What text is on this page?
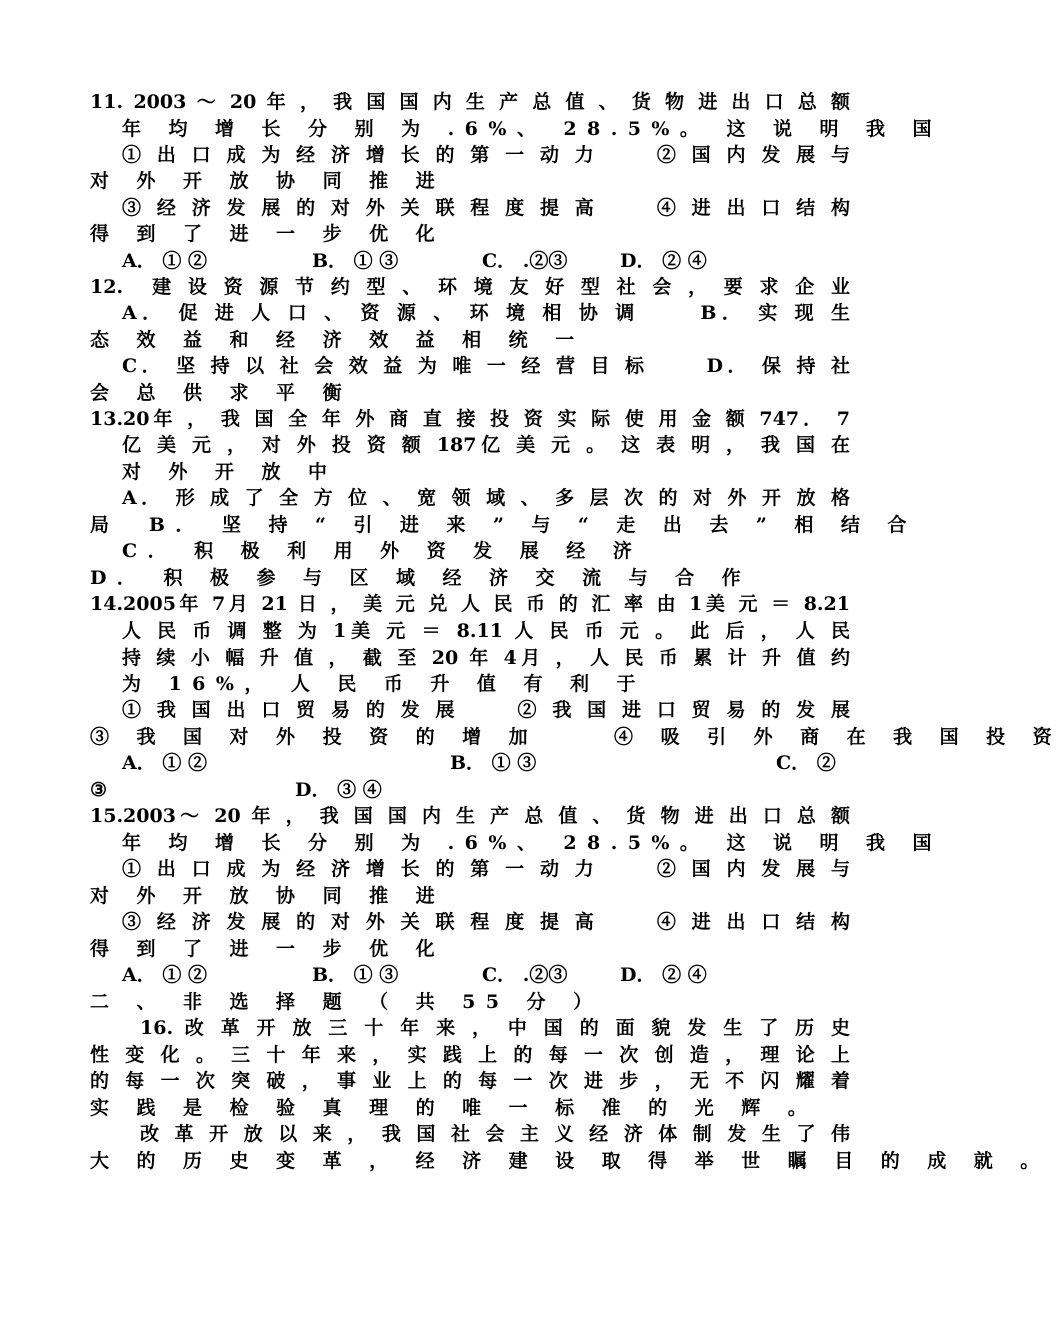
11. 2003 ～ 20 年 ， 我 国 国 内 生 产 总 值 、 货 物 进 出 口 总 额
年 均 增 长 分 别 为 .6%、 28.5%。 这 说 明 我 国
① 出 口 成 为 经 济 增 长 的 第 一 动 力　　 ② 国 内 发 展 与
对 外 开 放 协 同 推 进
③ 经 济 发 展 的 对 外 关 联 程 度 提 高　　 ④ 进 出 口 结 构
得 到 了 进 一 步 优 化
A． ① ②	B． ① ③	C． .②③	D． ② ④
12.　建 设 资 源 节 约 型 、 环 境 友 好 型 社 会 ， 要 求 企 业
A． 促 进 人 口 、 资 源 、 环 境 相 协 调　　 B． 实 现 生
态 效 益 和 经 济 效 益 相 统 一
C． 坚 持 以 社 会 效 益 为 唯 一 经 营 目 标　　 D． 保 持 社
会 总 供 求 平 衡
13.20年 ， 我 国 全 年 外 商 直 接 投 资 实 际 使 用 金 额 747． 7
亿 美 元 ， 对 外 投 资 额 187亿 美 元 。 这 表 明 ， 我 国 在
对 外 开 放 中
A． 形 成 了 全 方 位 、 宽 领 域 、 多 层 次 的 对 外 开 放 格
局　B． 坚 持 “ 引 进 来 ” 与 “ 走 出 去 ” 相 结 合
C． 积 极 利 用 外 资 发 展 经 济
D． 积 极 参 与 区 域 经 济 交 流 与 合 作
14.2005年 7月 21 日 ， 美 元 兑 人 民 币 的 汇 率 由 1美 元 ＝ 8.21
人 民 币 调 整 为 1美 元 ＝ 8.11 人 民 币 元 。 此 后 ， 人 民
持 续 小 幅 升 值 ， 截 至 20 年 4月 ， 人 民 币 累 计 升 值 约
为 16%， 人 民 币 升 值 有 利 于
① 我 国 出 口 贸 易 的 发 展　　 ② 我 国 进 口 贸 易 的 发 展
③ 我 国 对 外 投 资 的 增 加　　 ④ 吸 引 外 商 在 我 国 投 资
A． ① ②	B． ① ③	C． ②
③	D． ③ ④
15.2003～ 20 年 ， 我 国 国 内 生 产 总 值 、 货 物 进 出 口 总 额
年 均 增 长 分 别 为 .6%、 28.5%。 这 说 明 我 国
① 出 口 成 为 经 济 增 长 的 第 一 动 力　　 ② 国 内 发 展 与
对 外 开 放 协 同 推 进
③ 经 济 发 展 的 对 外 关 联 程 度 提 高　　 ④ 进 出 口 结 构
得 到 了 进 一 步 优 化
A． ① ②	B． ① ③	C． .②③	D． ② ④
二 、 非 选 择 题 （ 共 55 分 ）
16. 改 革 开 放 三 十 年 来 ， 中 国 的 面 貌 发 生 了 历 史
性 变 化 。 三 十 年 来 ， 实 践 上 的 每 一 次 创 造 ， 理 论 上
的 每 一 次 突 破 ， 事 业 上 的 每 一 次 进 步 ， 无 不 闪 耀 着
实 践 是 检 验 真 理 的 唯 一 标 准 的 光 辉 。
改 革 开 放 以 来 ， 我 国 社 会 主 义 经 济 体 制 发 生 了 伟
大 的 历 史 变 革 ， 经 济 建 设 取 得 举 世 瞩 目 的 成 就 。
